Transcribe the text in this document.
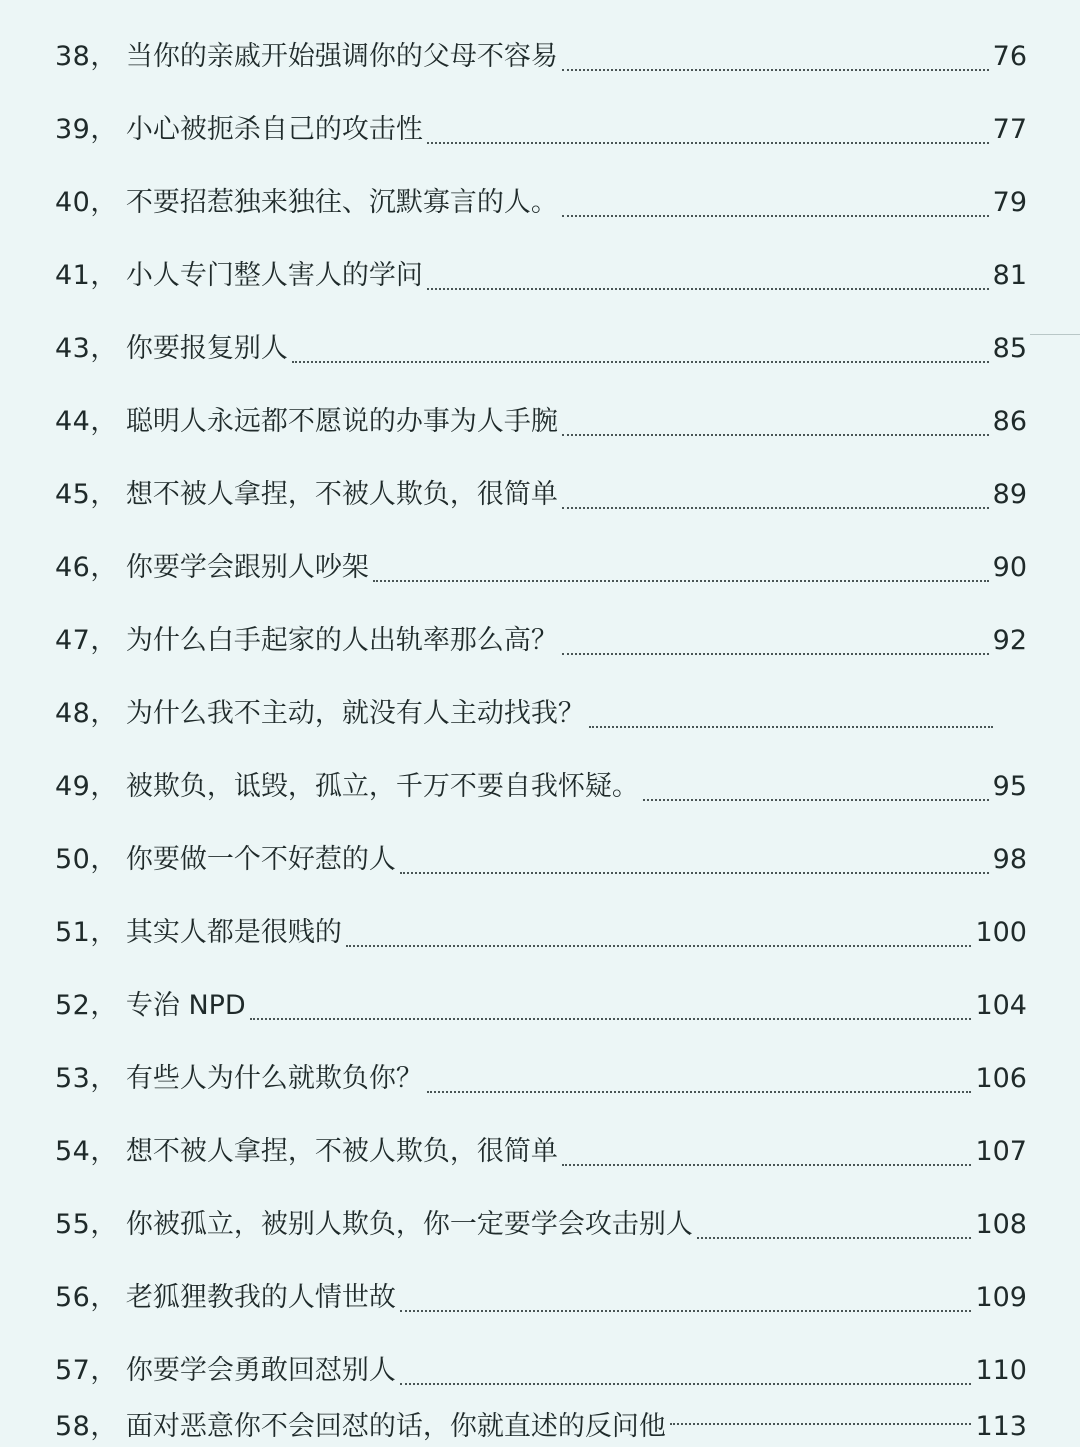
38， 当你的亲戚开始强调你的父母不容易	76
39， 小心被扼杀自己的攻击性	77
40， 不要招惹独来独往、沉默寡言的人。	79
41， 小人专门整人害人的学问	81
43， 你要报复别人	85
44， 聪明人永远都不愿说的办事为人手腕	86
45， 想不被人拿捏，不被人欺负，很简单	89
46， 你要学会跟别人吵架	90
47， 为什么白手起家的人出轨率那么高？	92
48， 为什么我不主动，就没有人主动找我？
49， 被欺负，诋毁，孤立，千万不要自我怀疑。	95
50， 你要做一个不好惹的人	98
51， 其实人都是很贱的	100
52， 专治 NPD	104
53， 有些人为什么就欺负你？	106
54， 想不被人拿捏，不被人欺负，很简单	107
55， 你被孤立，被别人欺负，你一定要学会攻击别人	108
56， 老狐狸教我的人情世故	109
57， 你要学会勇敢回怼别人	110
58， 面对恶意你不会回怼的话，你就直述的反问他	113
